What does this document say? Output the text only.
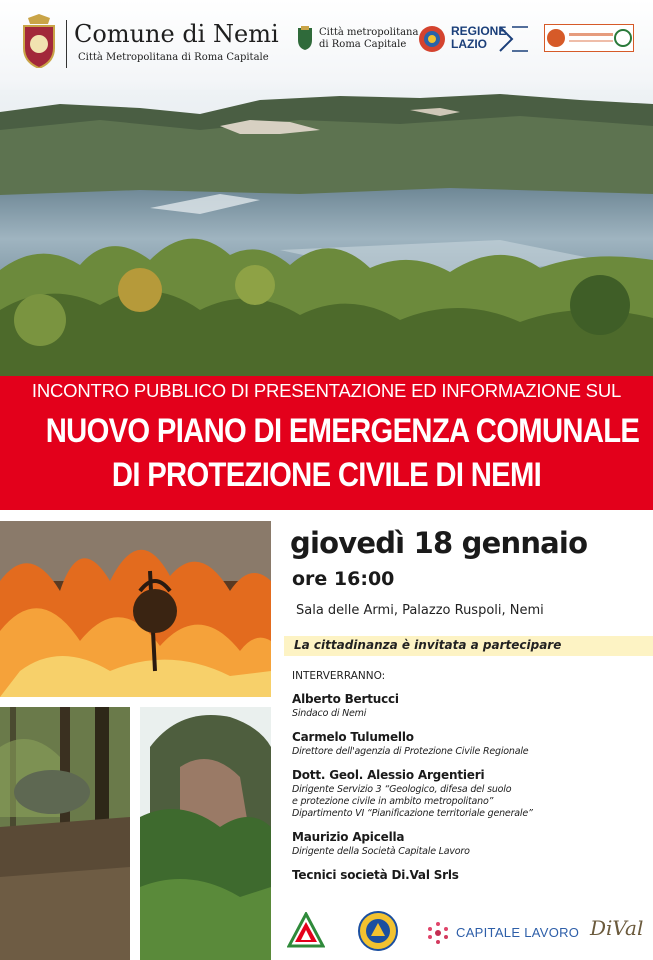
Comune di Nemi
Città Metropolitana di Roma Capitale
Città metropolitana
di Roma Capitale
REGIONE
LAZIO
INCONTRO PUBBLICO DI PRESENTAZIONE ED INFORMAZIONE SUL
NUOVO PIANO DI EMERGENZA COMUNALE
DI PROTEZIONE CIVILE DI NEMI
giovedì 18 gennaio
ore 16:00
Sala delle Armi, Palazzo Ruspoli, Nemi
La cittadinanza è invitata a partecipare
INTERVERRANNO:
Alberto Bertucci
Sindaco di Nemi
Carmelo Tulumello
Direttore dell'agenzia di Protezione Civile Regionale
Dott. Geol. Alessio Argentieri
Dirigente Servizio 3 “Geologico, difesa del suolo
e protezione civile in ambito metropolitano”
Dipartimento VI “Pianificazione territoriale generale”
Maurizio Apicella
Dirigente della Società Capitale Lavoro
Tecnici società Di.Val Srls
CAPITALE LAVORO DiVal
